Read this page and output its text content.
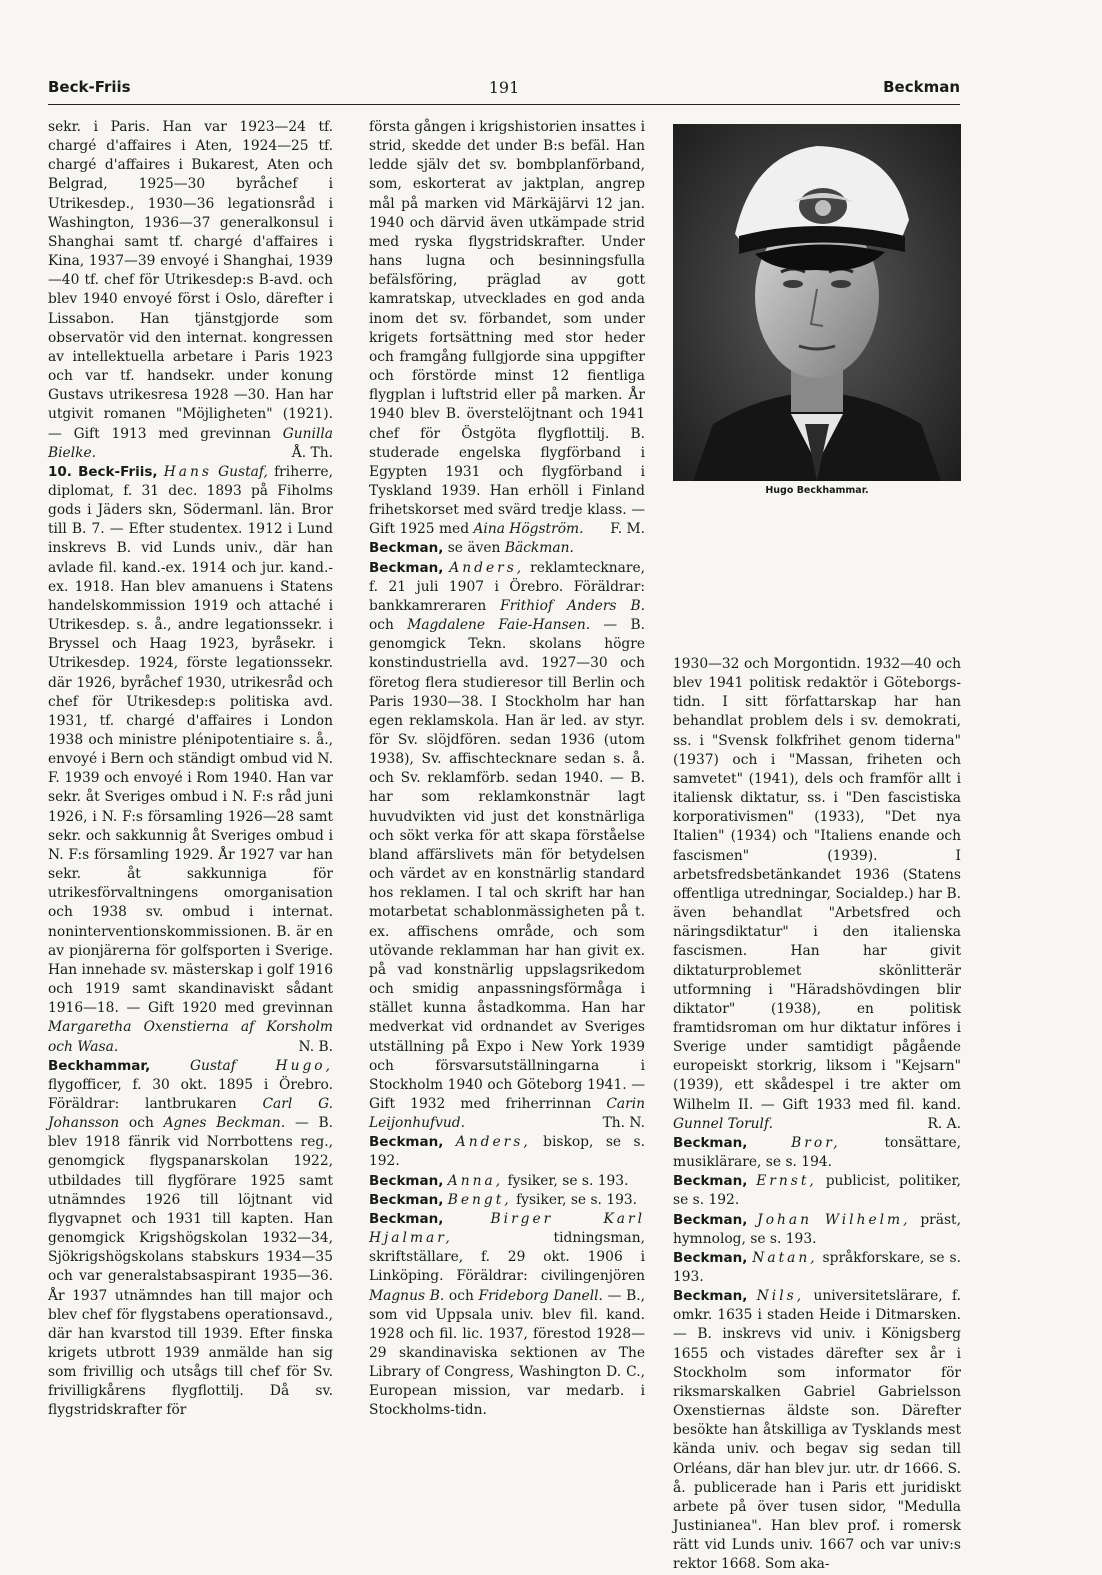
Beck-Friis	191	Beckman

sekr. i Paris. Han var 1923—24 tf. chargé d'affaires i Aten, 1924—25 tf. chargé d'affaires i Bukarest, Aten och Belgrad, 1925—30 byråchef i Utrikesdep., 1930—36 legationsråd i Washington, 1936—37 generalkonsul i Shanghai samt tf. chargé d'affaires i Kina, 1937—39 envoyé i Shanghai, 1939—40 tf. chef för Utrikesdep:s B-avd. och blev 1940 envoyé först i Oslo, därefter i Lissabon. Han tjänstgjorde som observatör vid den internat. kongressen av intellektuella arbetare i Paris 1923 och var tf. handsekr. under konung Gustavs utrikesresa 1928 —30. Han har utgivit romanen "Möjligheten" (1921). — Gift 1913 med grevinnan Gunilla Bielke.	Å. Th.

10. Beck-Friis, Hans Gustaf, friherre, diplomat, f. 31 dec. 1893 på Fiholms gods i Jäders skn, Södermanl. län. Bror till B. 7. — Efter studentex. 1912 i Lund inskrevs B. vid Lunds univ., där han avlade fil. kand.-ex. 1914 och jur. kand.-ex. 1918. Han blev amanuens i Statens handelskommission 1919 och attaché i Utrikesdep. s. å., andre legationssekr. i Bryssel och Haag 1923, byråsekr. i Utrikesdep. 1924, förste legationssekr. där 1926, byråchef 1930, utrikesråd och chef för Utrikesdep:s politiska avd. 1931, tf. chargé d'affaires i London 1938 och ministre plénipotentiaire s. å., envoyé i Bern och ständigt ombud vid N. F. 1939 och envoyé i Rom 1940. Han var sekr. åt Sveriges ombud i N. F:s råd juni 1926, i N. F:s församling 1926—28 samt sekr. och sakkunnig åt Sveriges ombud i N. F:s församling 1929. År 1927 var han sekr. åt sakkunniga för utrikesförvaltningens omorganisation och 1938 sv. ombud i internat. noninterventionskommissionen. B. är en av pionjärerna för golfsporten i Sverige. Han innehade sv. mästerskap i golf 1916 och 1919 samt skandinaviskt sådant 1916—18. — Gift 1920 med grevinnan Margaretha Oxenstierna af Korsholm och Wasa.	N. B.

Beckhammar,	Gustaf	Hugo, flygofficer, f. 30 okt. 1895 i Örebro. Föräldrar: lantbrukaren Carl G. Johansson och Agnes Beckman. — B. blev 1918 fänrik vid Norrbottens reg., genomgick flygspanarskolan 1922, utbildades till flygförare 1925 samt utnämndes 1926 till löjtnant vid flygvapnet och 1931 till kapten. Han genomgick Krigshögskolan 1932—34, Sjökrigshögskolans stabskurs 1934—35 och var generalstabsaspirant 1935—36. År 1937 utnämndes han till major och blev chef för flygstabens operationsavd., där han kvarstod till 1939. Efter finska krigets utbrott 1939 anmälde han sig som frivillig och utsågs till chef för Sv. frivilligkårens flygflottilj. Då sv. flygstridskrafter för

första gången i krigshistorien insattes i strid, skedde det under B:s befäl. Han ledde själv det sv. bombplanförband, som, eskorterat av jaktplan, angrep mål på marken vid Märkäjärvi 12 jan. 1940 och därvid även utkämpade strid med ryska flygstridskrafter. Under hans lugna och besinningsfulla befälsföring, präglad av gott kamratskap, utvecklades en god anda inom det sv. förbandet, som under krigets fortsättning med stor heder och framgång fullgjorde sina uppgifter och förstörde minst 12 fientliga flygplan i luftstrid eller på marken. År 1940 blev B. överstelöjtnant och 1941 chef för Östgöta flygflottilj. B. studerade engelska flygförband i Egypten 1931 och flygförband i Tyskland 1939. Han erhöll i Finland frihetskorset med svärd tredje klass. — Gift 1925 med Aina Högström. F. M.

Beckman, se även Bäckman.

Beckman, Anders, reklamtecknare, f. 21 juli 1907 i Örebro. Föräldrar: bankkamreraren Frithiof Anders B. och Magdalene Faie-Hansen. — B. genomgick Tekn. skolans högre konstindustriella avd. 1927—30 och företog flera studieresor till Berlin och Paris 1930—38. I Stockholm har han egen reklamskola. Han är led. av styr. för Sv. slöjdfören. sedan 1936 (utom 1938), Sv. affischtecknare sedan s. å. och Sv. reklamförb. sedan 1940. — B. har som reklamkonstnär lagt huvudvikten vid just det konstnärliga och sökt verka för att skapa förståelse bland affärslivets män för betydelsen och värdet av en konstnärlig standard hos reklamen. I tal och skrift har han motarbetat schablonmässigheten på t. ex. affischens område, och som utövande reklamman har han givit ex. på vad konstnärlig uppslagsrikedom och smidig anpassningsförmåga i stället kunna åstadkomma. Han har medverkat vid ordnandet av Sveriges utställning på Expo i New York 1939 och försvarsutställningarna i Stockholm 1940 och Göteborg 1941. — Gift 1932 med friherrinnan Carin Leijonhufvud.	Th. N.

Beckman, Anders, biskop, se s. 192.

Beckman, Anna, fysiker, se s. 193.

Beckman, Bengt, fysiker, se s. 193.

Beckman,	Birger Karl Hjalmar, tidningsman, skriftställare, f. 29 okt. 1906 i Linköping. Föräldrar: civilingenjören Magnus B. och Frideborg Danell. — B., som vid Uppsala univ. blev fil. kand. 1928 och fil. lic. 1937, förestod 1928—29 skandinaviska sektionen av The Library of Congress, Washington D. C., European mission, var medarb. i Stockholms-tidn.

Hugo Beckhammar.

1930—32 och Morgontidn. 1932—40 och blev 1941 politisk redaktör i Göteborgs-tidn. I sitt författarskap har han behandlat problem dels i sv. demokrati, ss. i "Svensk folkfrihet genom tiderna" (1937) och i "Massan, friheten och samvetet" (1941), dels och framför allt i italiensk diktatur, ss. i "Den fascistiska korporativismen" (1933), "Det nya Italien" (1934) och "Italiens enande och fascismen" (1939). I arbetsfredsbetänkandet 1936 (Statens offentliga utredningar, Socialdep.) har B. även behandlat "Arbetsfred och näringsdiktatur" i den italienska fascismen. Han har givit diktaturproblemet skönlitterär utformning i "Häradshövdingen blir diktator" (1938), en politisk framtidsroman om hur diktatur införes i Sverige under samtidigt pågående europeiskt storkrig, liksom i "Kejsarn" (1939), ett skådespel i tre akter om Wilhelm II. — Gift 1933 med fil. kand. Gunnel Torulf.	R. A.

Beckman,	Bror, tonsättare, musiklärare, se s. 194.

Beckman, Ernst, publicist, politiker, se s. 192.

Beckman, Johan Wilhelm, präst, hymnolog, se s. 193.

Beckman, Natan, språkforskare, se s. 193.

Beckman, Nils, universitetslärare, f. omkr. 1635 i staden Heide i Ditmarsken. — B. inskrevs vid univ. i Königsberg 1655 och vistades därefter sex år i Stockholm som informator för riksmarskalken Gabriel Gabrielsson Oxenstiernas äldste son. Därefter besökte han åtskilliga av Tysklands mest kända univ. och begav sig sedan till Orléans, där han blev jur. utr. dr 1666. S. å. publicerade han i Paris ett juridiskt arbete på över tusen sidor, "Medulla Justinianea". Han blev prof. i romersk rätt vid Lunds univ. 1667 och var univ:s rektor 1668. Som aka-
